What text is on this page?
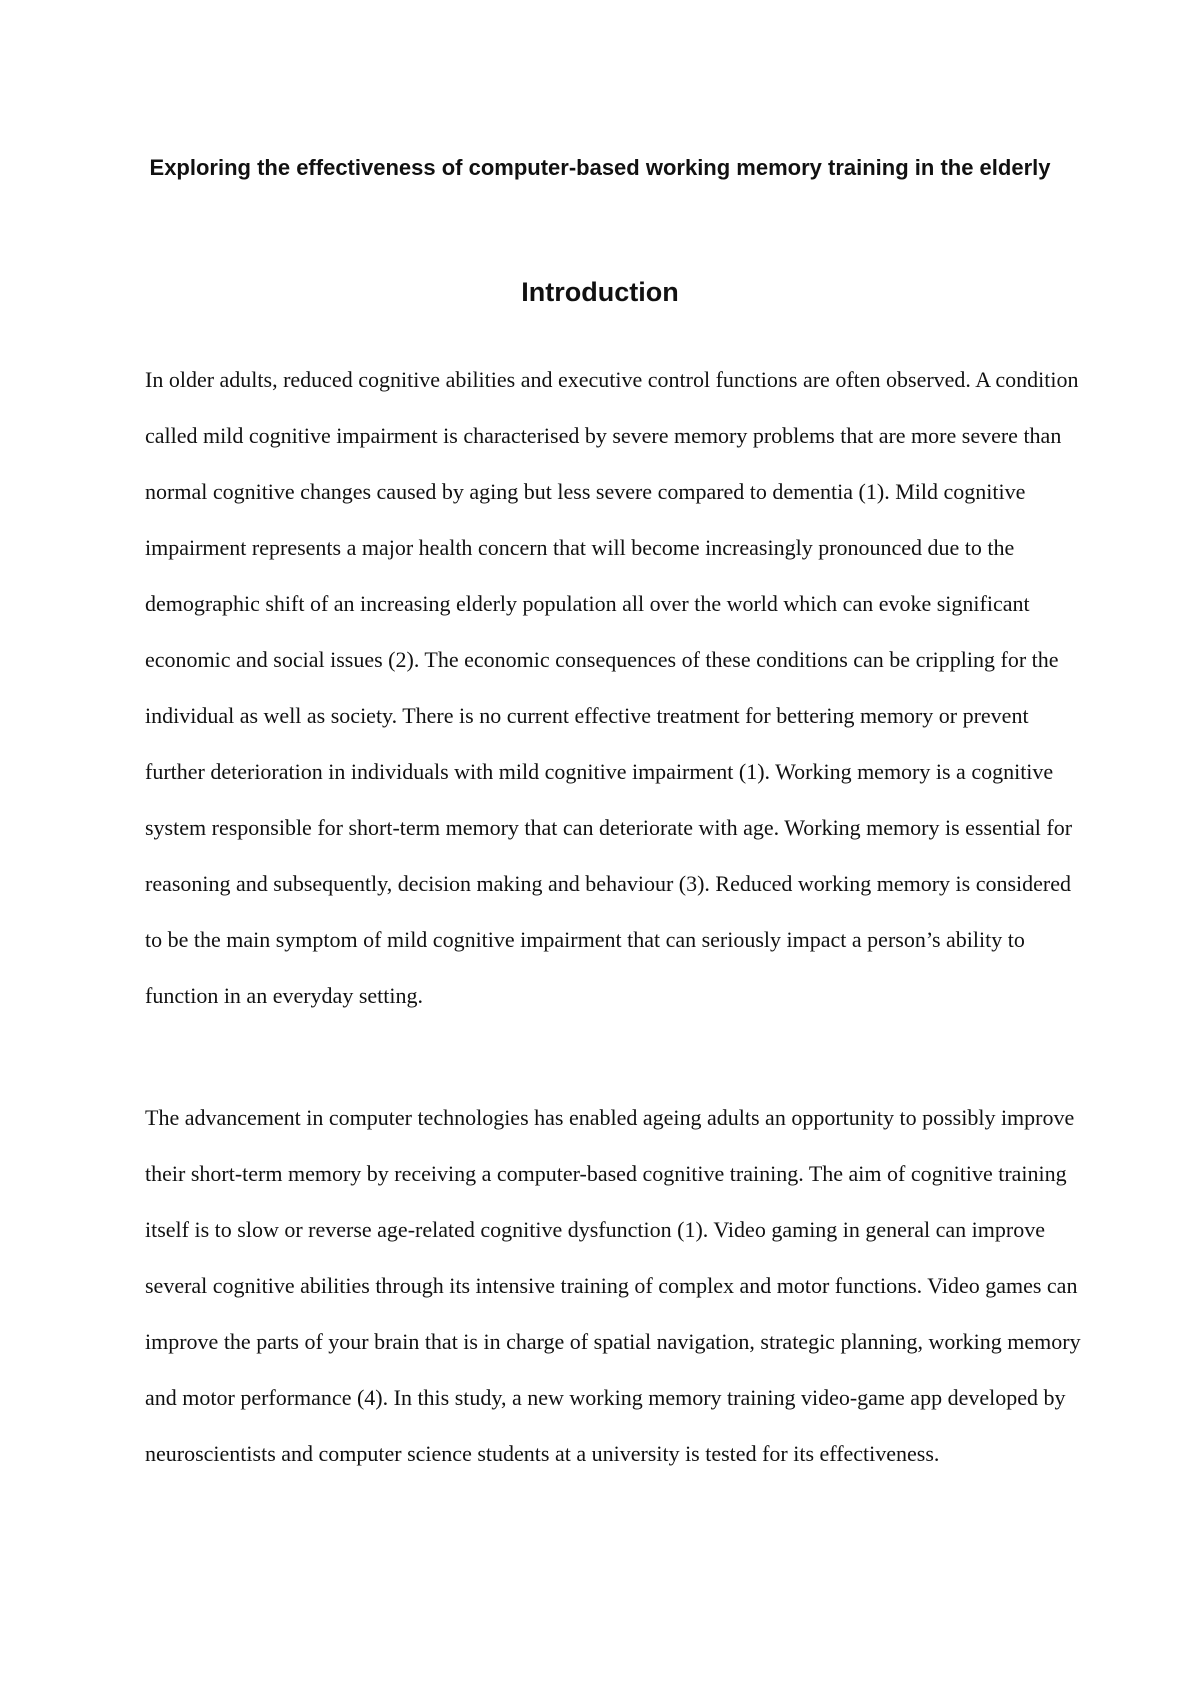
Exploring the effectiveness of computer-based working memory training in the elderly
Introduction

In older adults, reduced cognitive abilities and executive control functions are often observed. A condition called mild cognitive impairment is characterised by severe memory problems that are more severe than normal cognitive changes caused by aging but less severe compared to dementia (1). Mild cognitive impairment represents a major health concern that will become increasingly pronounced due to the demographic shift of an increasing elderly population all over the world which can evoke significant economic and social issues (2). The economic consequences of these conditions can be crippling for the individual as well as society. There is no current effective treatment for bettering memory or prevent further deterioration in individuals with mild cognitive impairment (1). Working memory is a cognitive system responsible for short-term memory that can deteriorate with age. Working memory is essential for reasoning and subsequently, decision making and behaviour (3). Reduced working memory is considered to be the main symptom of mild cognitive impairment that can seriously impact a person’s ability to function in an everyday setting.

The advancement in computer technologies has enabled ageing adults an opportunity to possibly improve their short-term memory by receiving a computer-based cognitive training. The aim of cognitive training itself is to slow or reverse age-related cognitive dysfunction (1). Video gaming in general can improve several cognitive abilities through its intensive training of complex and motor functions. Video games can improve the parts of your brain that is in charge of spatial navigation, strategic planning, working memory and motor performance (4). In this study, a new working memory training video-game app developed by neuroscientists and computer science students at a university is tested for its effectiveness.
